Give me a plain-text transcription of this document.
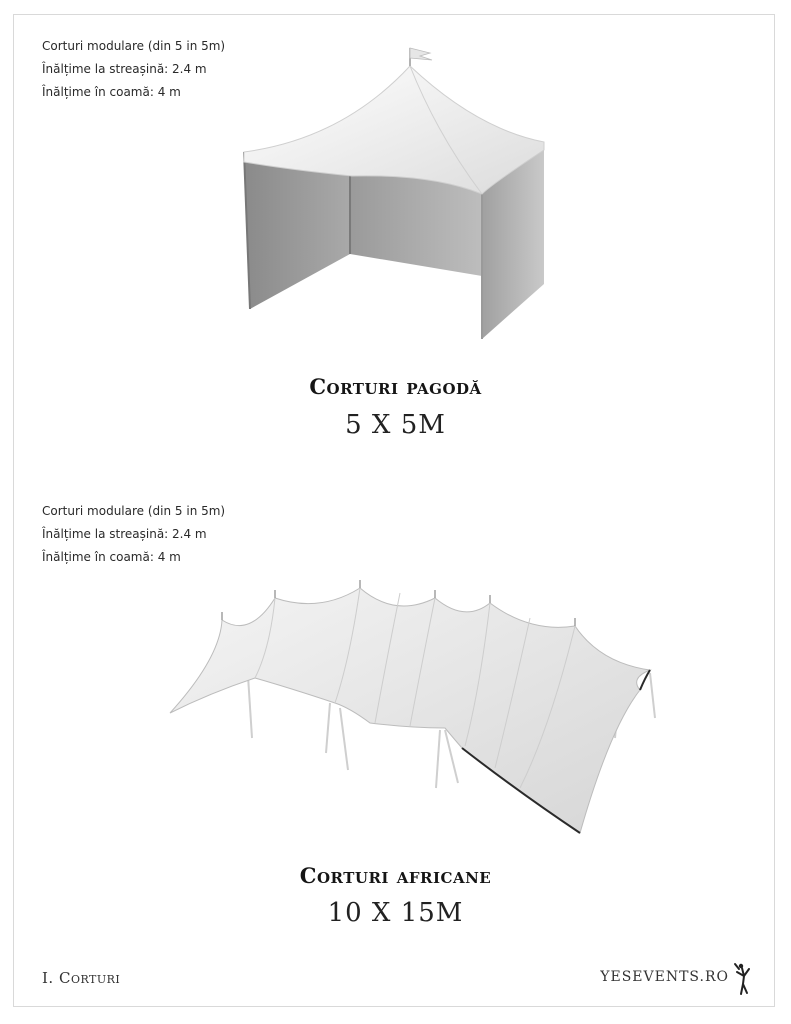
Corturi modulare (din 5 in 5m)
Înălțime la streașină: 2.4 m
Înălțime în coamă: 4 m
Corturi pagodă
5 X 5M
Corturi modulare (din 5 in 5m)
Înălțime la streașină: 2.4 m
Înălțime în coamă: 4 m
Corturi africane
10 X 15M
I. Corturi	YESEVENTS.RO
